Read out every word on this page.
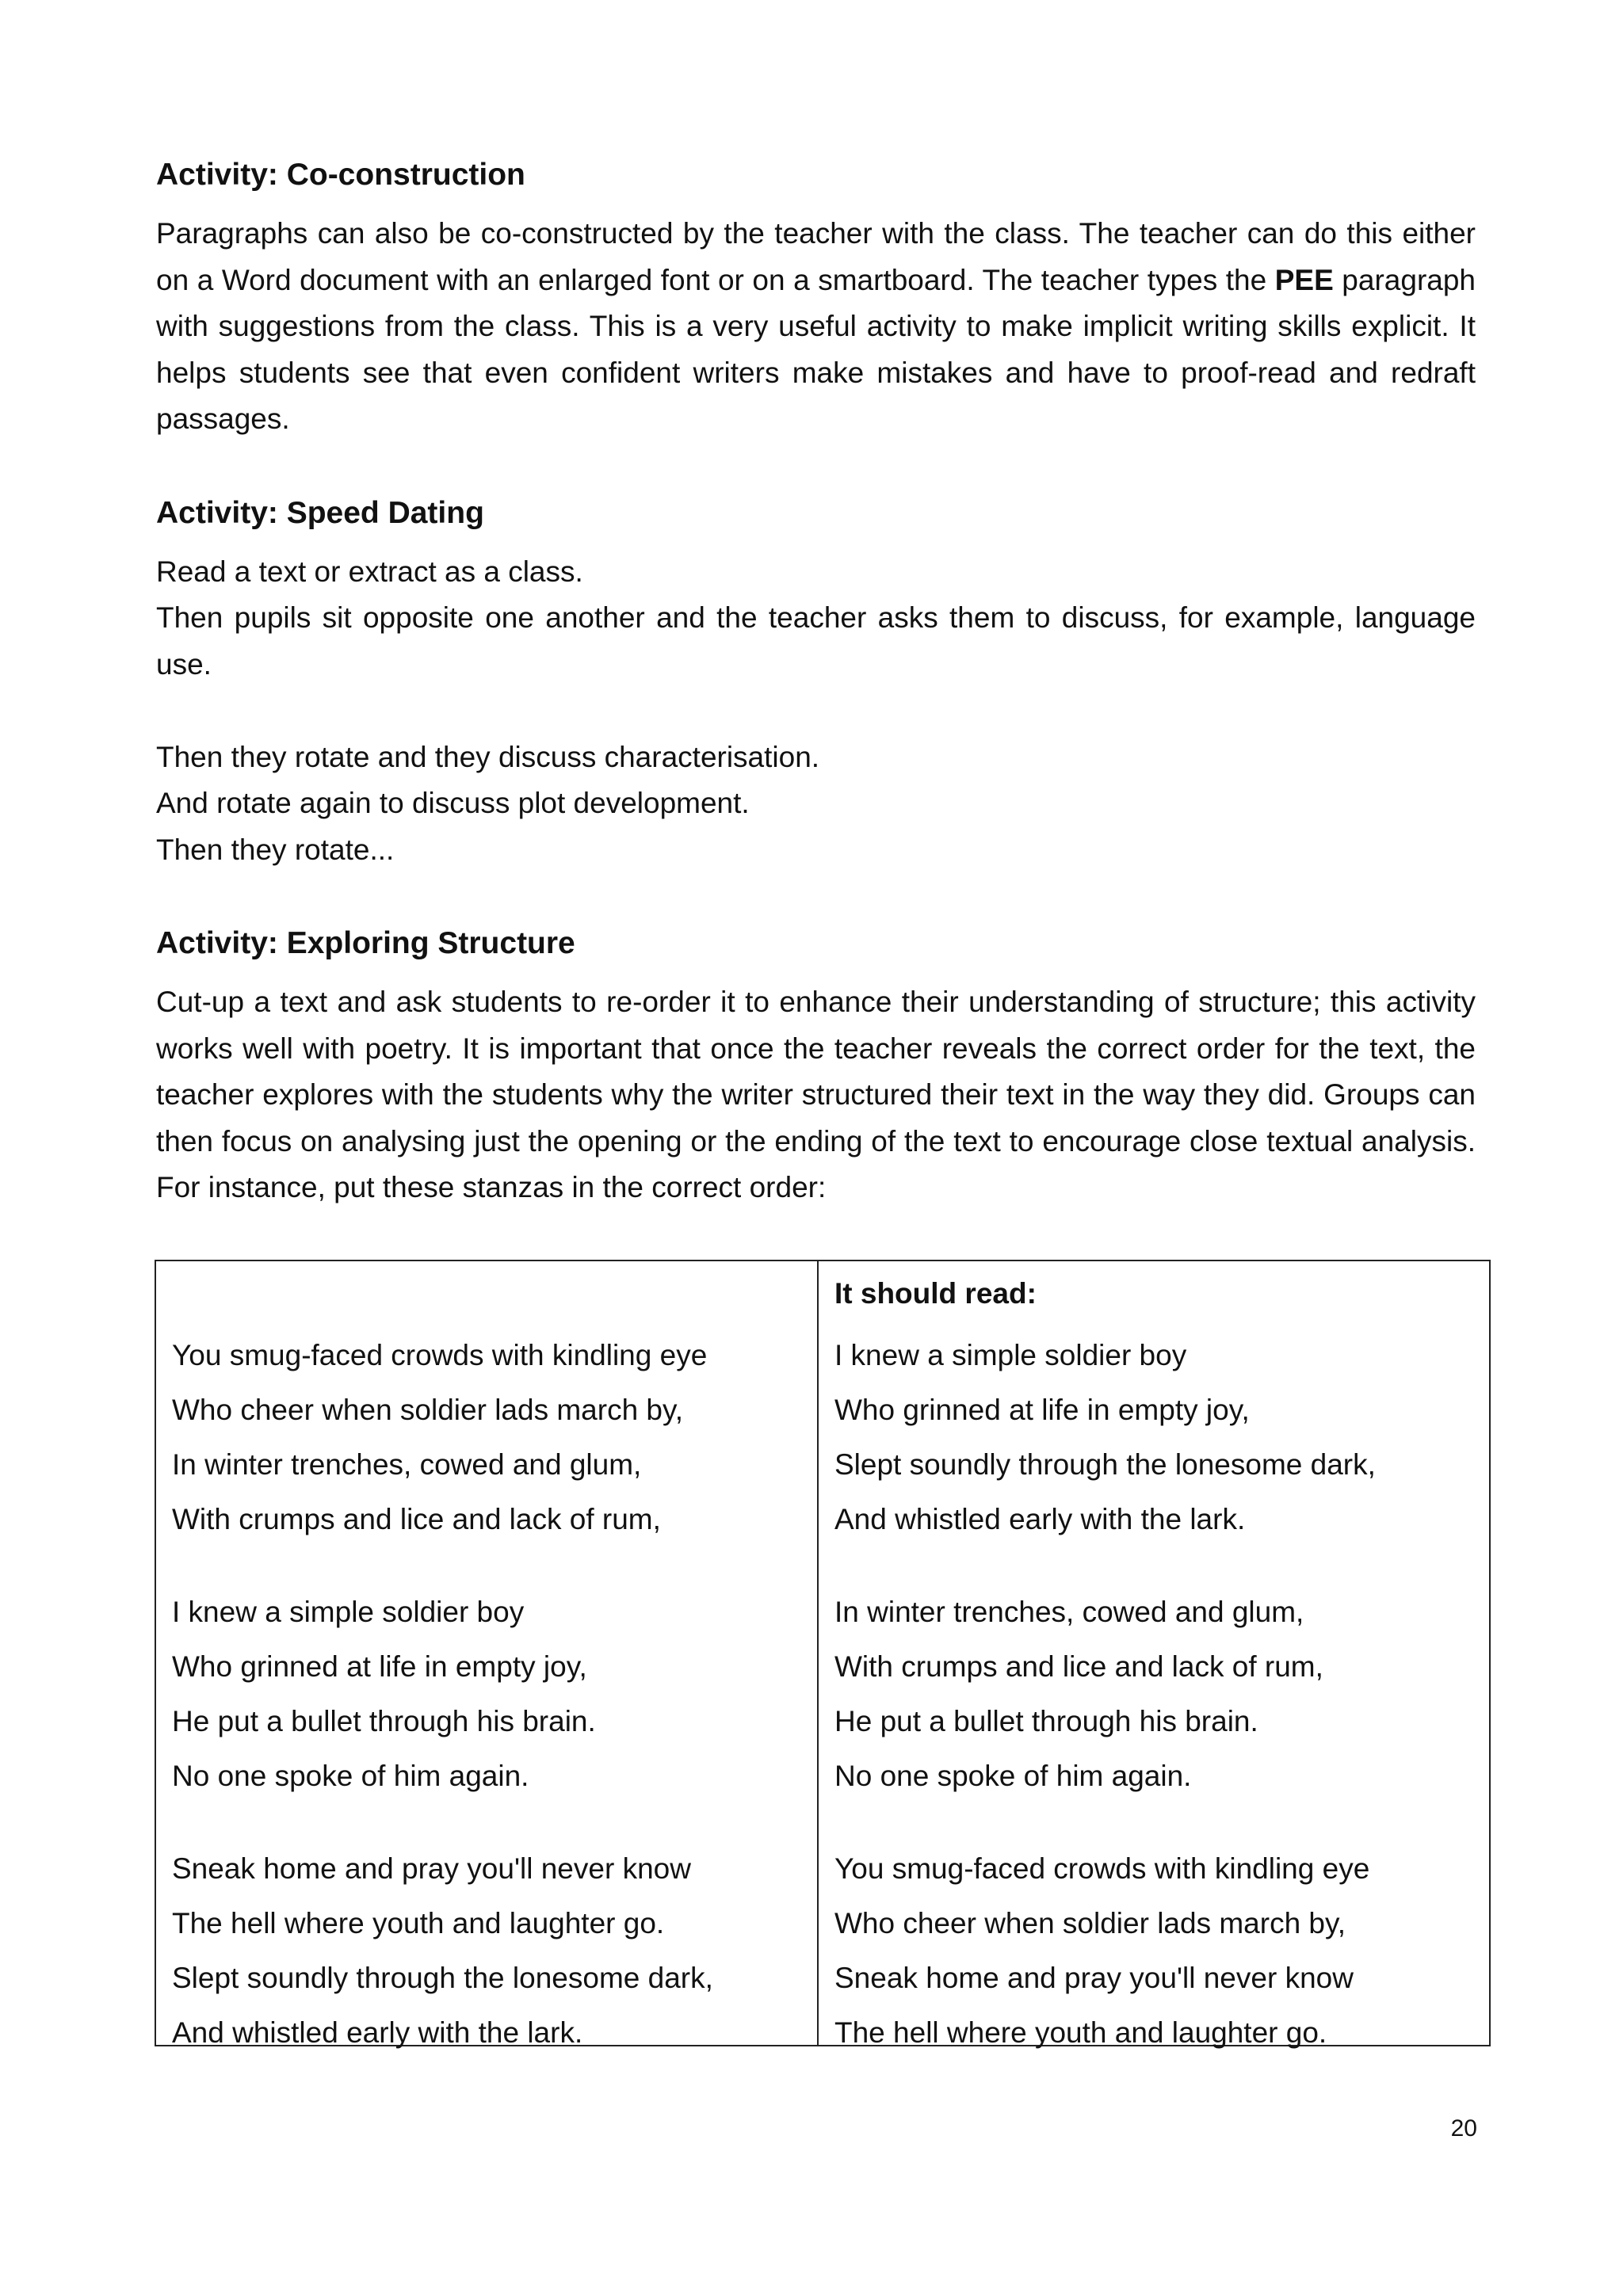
Activity: Co-construction

Paragraphs can also be co-constructed by the teacher with the class. The teacher can do this either on a Word document with an enlarged font or on a smartboard. The teacher types the PEE paragraph with suggestions from the class. This is a very useful activity to make implicit writing skills explicit. It helps students see that even confident writers make mistakes and have to proof-read and redraft passages.

Activity: Speed Dating

Read a text or extract as a class.

Then pupils sit opposite one another and the teacher asks them to discuss, for example, language use.

Then they rotate and they discuss characterisation.

And rotate again to discuss plot development.

Then they rotate...

Activity: Exploring Structure

Cut-up a text and ask students to re-order it to enhance their understanding of structure; this activity works well with poetry. It is important that once the teacher reveals the correct order for the text, the teacher explores with the students why the writer structured their text in the way they did. Groups can then focus on analysing just the opening or the ending of the text to encourage close textual analysis. For instance, put these stanzas in the correct order:

You smug-faced crowds with kindling eye
Who cheer when soldier lads march by,
In winter trenches, cowed and glum,
With crumps and lice and lack of rum,
I knew a simple soldier boy
Who grinned at life in empty joy,
He put a bullet through his brain.
No one spoke of him again.
Sneak home and pray you'll never know
The hell where youth and laughter go.
Slept soundly through the lonesome dark,
And whistled early with the lark.
It should read:
I knew a simple soldier boy
Who grinned at life in empty joy,
Slept soundly through the lonesome dark,
And whistled early with the lark.
In winter trenches, cowed and glum,
With crumps and lice and lack of rum,
He put a bullet through his brain.
No one spoke of him again.
You smug-faced crowds with kindling eye
Who cheer when soldier lads march by,
Sneak home and pray you'll never know
The hell where youth and laughter go.
20
